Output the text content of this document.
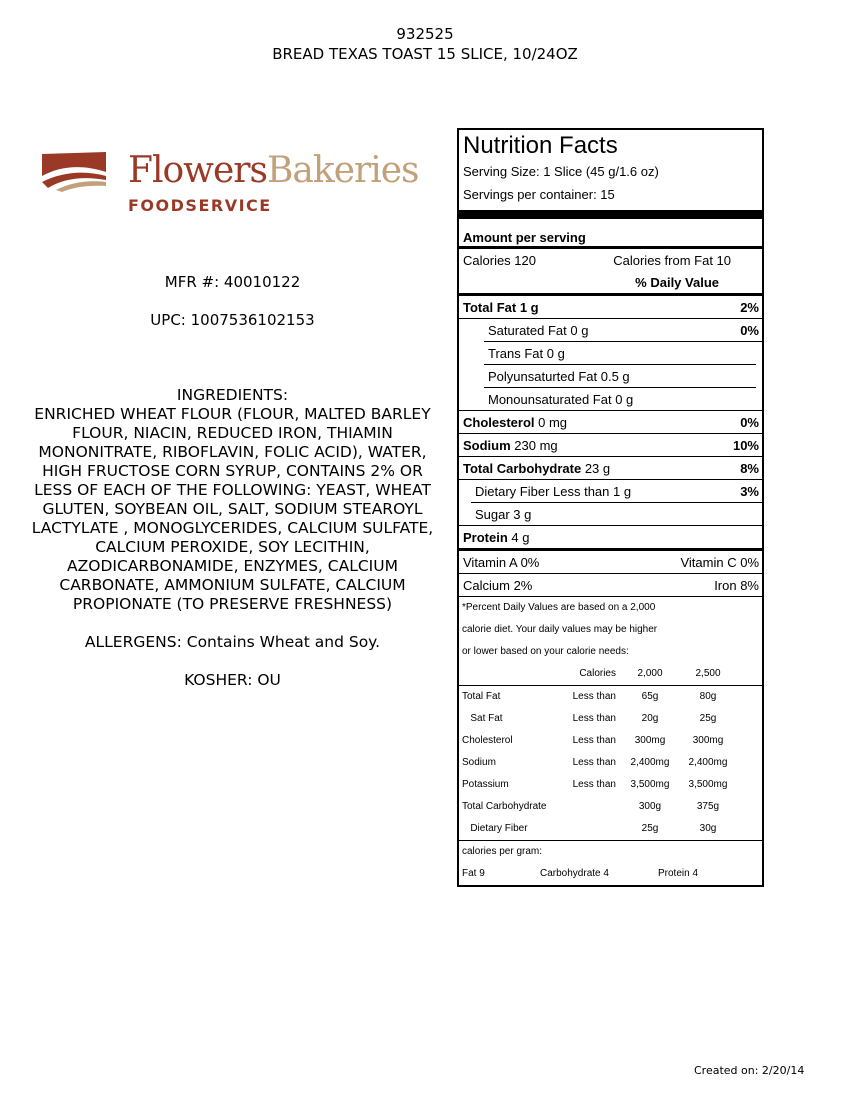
932525
BREAD TEXAS TOAST 15 SLICE, 10/24OZ
FlowersBakeries
FOODSERVICE
MFR #: 40010122
UPC: 1007536102153
INGREDIENTS:
ENRICHED WHEAT FLOUR (FLOUR, MALTED BARLEY FLOUR, NIACIN, REDUCED IRON, THIAMIN MONONITRATE, RIBOFLAVIN, FOLIC ACID), WATER, HIGH FRUCTOSE CORN SYRUP, CONTAINS 2% OR LESS OF EACH OF THE FOLLOWING: YEAST, WHEAT GLUTEN, SOYBEAN OIL, SALT, SODIUM STEAROYL LACTYLATE , MONOGLYCERIDES, CALCIUM SULFATE, CALCIUM PEROXIDE, SOY LECITHIN, AZODICARBONAMIDE, ENZYMES, CALCIUM CARBONATE, AMMONIUM SULFATE, CALCIUM PROPIONATE (TO PRESERVE FRESHNESS)
ALLERGENS: Contains Wheat and Soy.
KOSHER: OU
Nutrition Facts
Serving Size: 1 Slice (45 g/1.6 oz)
Servings per container: 15
Amount per serving
Calories 120	Calories from Fat 10
% Daily Value
Total Fat 1 g	2%
Saturated Fat 0 g	0%
Trans Fat 0 g
Polyunsaturted Fat 0.5 g
Monounsaturated Fat 0 g
Cholesterol 0 mg	0%
Sodium 230 mg	10%
Total Carbohydrate 23 g	8%
Dietary Fiber Less than 1 g	3%
Sugar 3 g
Protein 4 g
Vitamin A 0%	Vitamin C 0%
Calcium 2%	Iron 8%
*Percent Daily Values are based on a 2,000
calorie diet. Your daily values may be higher
or lower based on your calorie needs:
Calories	2,000	2,500
Total Fat	Less than	65g	80g
Sat Fat	Less than	20g	25g
Cholesterol	Less than	300mg	300mg
Sodium	Less than	2,400mg	2,400mg
Potassium	Less than	3,500mg	3,500mg
Total Carbohydrate	300g	375g
Dietary Fiber	25g	30g
calories per gram:
Fat 9	Carbohydrate 4	Protein 4
Created on: 2/20/14
